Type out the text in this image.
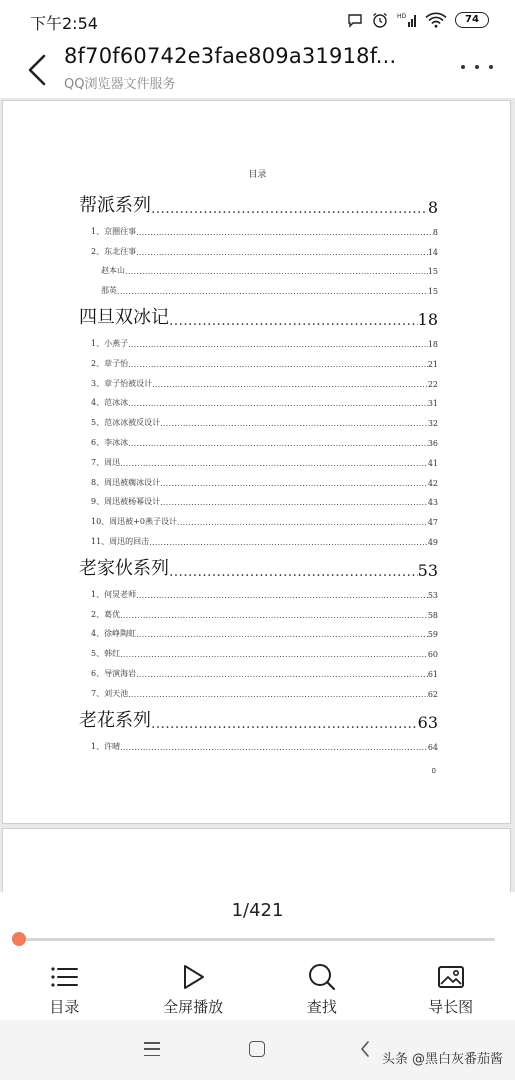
下午2:54	HD	74
8f70f60742e3fae809a31918f...
QQ浏览器文件服务
目录
帮派系列 .....	8
1、京圈往事 .....	8
2、东北往事 .....	14
赵本山 .....	15
那英 .....	15
四旦双冰记 .....	18
1、小燕子 .....	18
2、章子怡 .....	21
3、章子怡被设计 .....	22
4、范冰冰 .....	31
5、范冰冰被反设计 .....	32
6、李冰冰 .....	36
7、周迅 .....	41
8、周迅被瘸冰设计 .....	42
9、周迅被杨幂设计 .....	43
10、周迅被+0燕子设计 .....	47
11、周迅的回击 .....	49
老家伙系列 .....	53
1、何炅老师 .....	53
2、葛优 .....	58
4、徐峥陶虹 .....	59
5、韩红 .....	60
6、导演海岩 .....	61
7、刘天池 .....	62
老花系列 .....	63
1、许晴 .....	64
0
1/421
目录	全屏播放	查找	导长图
头条 @黑白灰番茄酱
